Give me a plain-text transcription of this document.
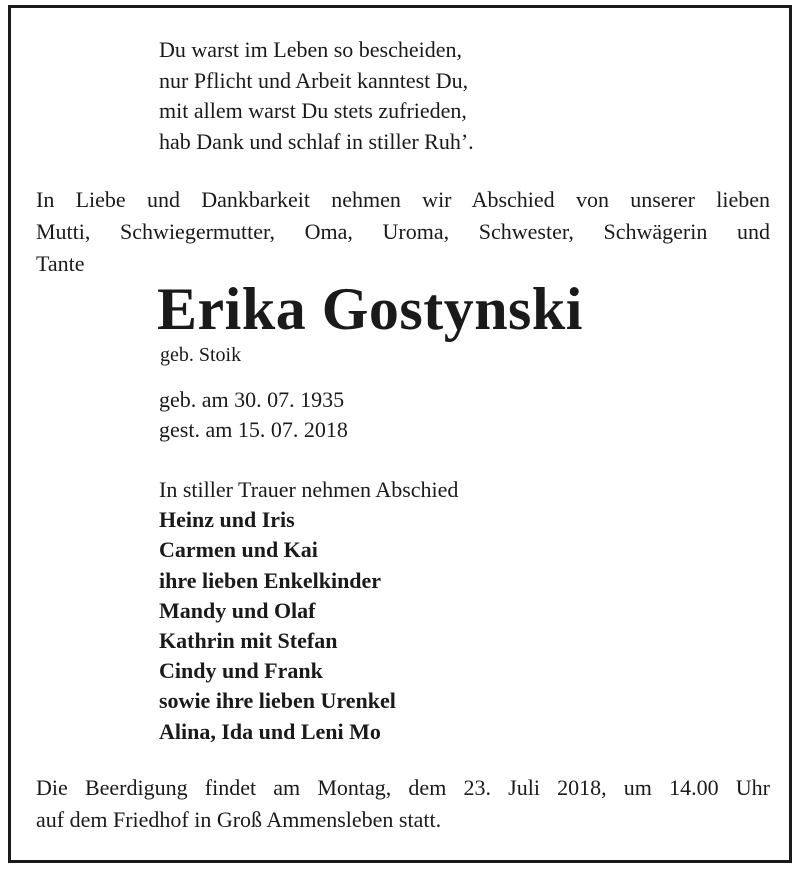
Du warst im Leben so bescheiden,
nur Pflicht und Arbeit kanntest Du,
mit allem warst Du stets zufrieden,
hab Dank und schlaf in stiller Ruh’.
In Liebe und Dankbarkeit nehmen wir Abschied von unserer lieben
Mutti, Schwiegermutter, Oma, Uroma, Schwester, Schwägerin und
Tante
Erika Gostynski
geb. Stoik
geb. am 30. 07. 1935
gest. am 15. 07. 2018
In stiller Trauer nehmen Abschied
Heinz und Iris
Carmen und Kai
ihre lieben Enkelkinder
Mandy und Olaf
Kathrin mit Stefan
Cindy und Frank
sowie ihre lieben Urenkel
Alina, Ida und Leni Mo
Die Beerdigung findet am Montag, dem 23. Juli 2018, um 14.00 Uhr
auf dem Friedhof in Groß Ammensleben statt.
